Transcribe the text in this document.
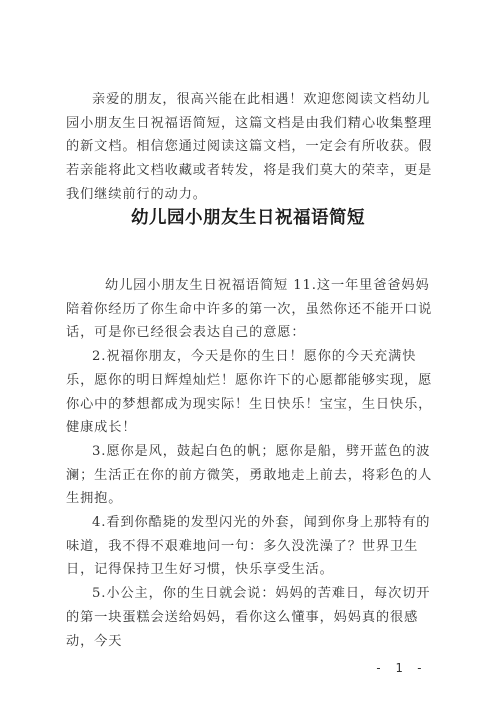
亲爱的朋友，很高兴能在此相遇！欢迎您阅读文档幼儿园小朋友生日祝福语简短，这篇文档是由我们精心收集整理的新文档。相信您通过阅读这篇文档，一定会有所收获。假若亲能将此文档收藏或者转发，将是我们莫大的荣幸，更是我们继续前行的动力。

幼儿园小朋友生日祝福语简短

幼儿园小朋友生日祝福语简短 11.这一年里爸爸妈妈陪着你经历了你生命中许多的第一次，虽然你还不能开口说话，可是你已经很会表达自己的意愿：

2.祝福你朋友，今天是你的生日！愿你的今天充满快乐，愿你的明日辉煌灿烂！愿你许下的心愿都能够实现，愿你心中的梦想都成为现实际！生日快乐！宝宝，生日快乐，健康成长！

3.愿你是风，鼓起白色的帆；愿你是船，劈开蓝色的波澜；生活正在你的前方微笑，勇敢地走上前去，将彩色的人生拥抱。

4.看到你酷毙的发型闪光的外套，闻到你身上那特有的味道，我不得不艰难地问一句：多久没洗澡了？世界卫生日，记得保持卫生好习惯，快乐享受生活。

5.小公主，你的生日就会说：妈妈的苦难日，每次切开的第一块蛋糕会送给妈妈，看你这么懂事，妈妈真的很感动，今天

- 1 -
